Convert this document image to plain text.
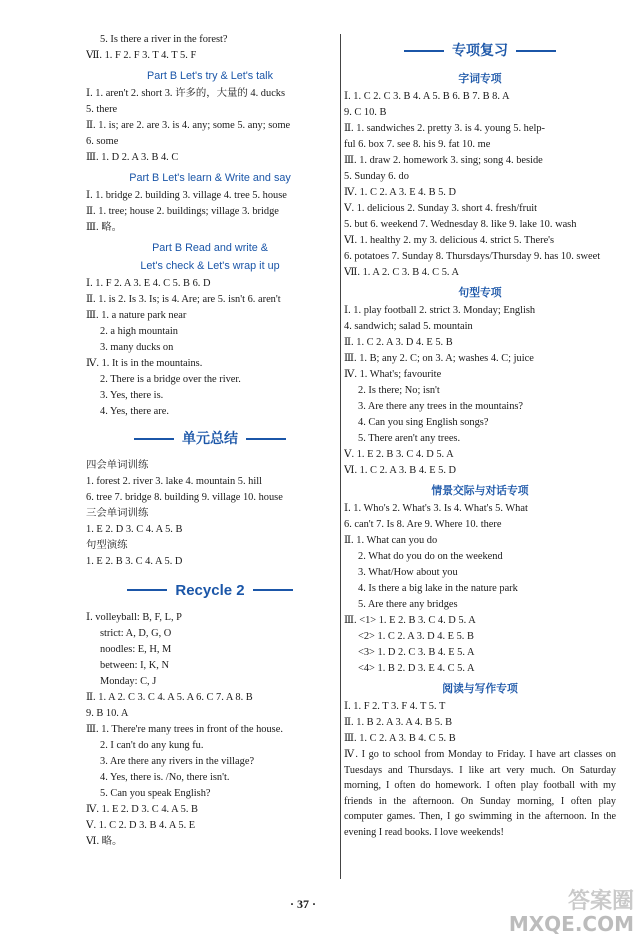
5. Is there a river in the forest?
Ⅶ. 1. F 2. F 3. T 4. T 5. F
Part B Let's try & Let's talk
Ⅰ. 1. aren't 2. short 3. 许多的，大量的 4. ducks
5. there
Ⅱ. 1. is; are 2. are 3. is 4. any; some 5. any; some
6. some
Ⅲ. 1. D 2. A 3. B 4. C
Part B Let's learn & Write and say
Ⅰ. 1. bridge 2. building 3. village 4. tree 5. house
Ⅱ. 1. tree; house 2. buildings; village 3. bridge
Ⅲ. 略。
Part B Read and write &
Let's check & Let's wrap it up
Ⅰ. 1. F 2. A 3. E 4. C 5. B 6. D
Ⅱ. 1. is 2. Is 3. Is; is 4. Are; are 5. isn't 6. aren't
Ⅲ. 1. a nature park near
2. a high mountain
3. many ducks on
Ⅳ. 1. It is in the mountains.
2. There is a bridge over the river.
3. Yes, there is.
4. Yes, there are.
单元总结
四会单词训练
1. forest 2. river 3. lake 4. mountain 5. hill
6. tree 7. bridge 8. building 9. village 10. house
三会单词训练
1. E 2. D 3. C 4. A 5. B
句型演练
1. E 2. B 3. C 4. A 5. D
Recycle 2
Ⅰ. volleyball: B, F, L, P
strict: A, D, G, O
noodles: E, H, M
between: I, K, N
Monday: C, J
Ⅱ. 1. A 2. C 3. C 4. A 5. A 6. C 7. A 8. B
9. B 10. A
Ⅲ. 1. There're many trees in front of the house.
2. I can't do any kung fu.
3. Are there any rivers in the village?
4. Yes, there is. /No, there isn't.
5. Can you speak English?
Ⅳ. 1. E 2. D 3. C 4. A 5. B
Ⅴ. 1. C 2. D 3. B 4. A 5. E
Ⅵ. 略。
专项复习
字词专项
Ⅰ. 1. C 2. C 3. B 4. A 5. B 6. B 7. B 8. A
9. C 10. B
Ⅱ. 1. sandwiches 2. pretty 3. is 4. young 5. help-
ful 6. box 7. see 8. his 9. fat 10. me
Ⅲ. 1. draw 2. homework 3. sing; song 4. beside
5. Sunday 6. do
Ⅳ. 1. C 2. A 3. E 4. B 5. D
Ⅴ. 1. delicious 2. Sunday 3. short 4. fresh/fruit
5. but 6. weekend 7. Wednesday 8. like 9. lake 10. wash
Ⅵ. 1. healthy 2. my 3. delicious 4. strict 5. There's
6. potatoes 7. Sunday 8. Thursdays/Thursday 9. has 10. sweet
Ⅶ. 1. A 2. C 3. B 4. C 5. A
句型专项
Ⅰ. 1. play football 2. strict 3. Monday; English
4. sandwich; salad 5. mountain
Ⅱ. 1. C 2. A 3. D 4. E 5. B
Ⅲ. 1. B; any 2. C; on 3. A; washes 4. C; juice
Ⅳ. 1. What's; favourite
2. Is there; No; isn't
3. Are there any trees in the mountains?
4. Can you sing English songs?
5. There aren't any trees.
Ⅴ. 1. E 2. B 3. C 4. D 5. A
Ⅵ. 1. C 2. A 3. B 4. E 5. D
情景交际与对话专项
Ⅰ. 1. Who's 2. What's 3. Is 4. What's 5. What
6. can't 7. Is 8. Are 9. Where 10. there
Ⅱ. 1. What can you do
2. What do you do on the weekend
3. What/How about you
4. Is there a big lake in the nature park
5. Are there any bridges
Ⅲ. <1> 1. E 2. B 3. C 4. D 5. A
<2> 1. C 2. A 3. D 4. E 5. B
<3> 1. D 2. C 3. B 4. E 5. A
<4> 1. B 2. D 3. E 4. C 5. A
阅读与写作专项
Ⅰ. 1. F 2. T 3. F 4. T 5. T
Ⅱ. 1. B 2. A 3. A 4. B 5. B
Ⅲ. 1. C 2. A 3. B 4. C 5. B
Ⅳ. I go to school from Monday to Friday. I have art classes on Tuesdays and Thursdays. I like art very much. On Saturday morning, I often do homework. I often play football with my friends in the afternoon. On Sunday morning, I often play computer games. Then, I go swimming in the afternoon. In the evening I read books. I love weekends!
· 37 ·	答案圈
MXQE.COM
